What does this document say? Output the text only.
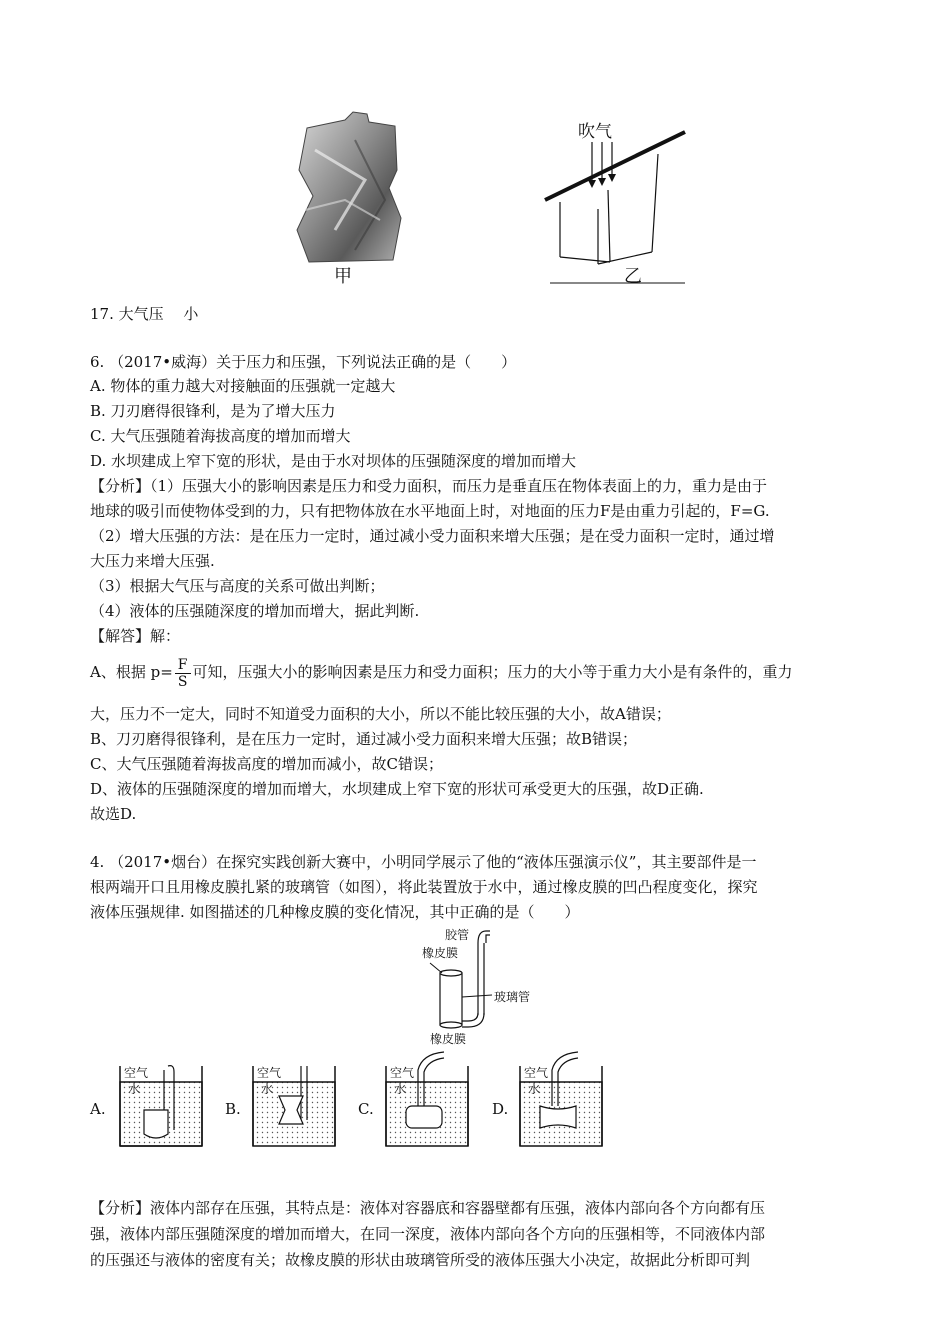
甲
吹气
乙
17. 大气压　 小
6. （2017•威海）关于压力和压强，下列说法正确的是（　　）
A. 物体的重力越大对接触面的压强就一定越大
B. 刀刃磨得很锋利，是为了增大压力
C. 大气压强随着海拔高度的增加而增大
D. 水坝建成上窄下宽的形状，是由于水对坝体的压强随深度的增加而增大
【分析】（1）压强大小的影响因素是压力和受力面积，而压力是垂直压在物体表面上的力，重力是由于
地球的吸引而使物体受到的力，只有把物体放在水平地面上时，对地面的压力F是由重力引起的，F=G.
（2）增大压强的方法：是在压力一定时，通过减小受力面积来增大压强；是在受力面积一定时，通过增
大压力来增大压强.
（3）根据大气压与高度的关系可做出判断；
（4）液体的压强随深度的增加而增大，据此判断.
【解答】解：
A、根据 $p= \frac{F}{S}$ 可知，压强大小的影响因素是压力和受力面积；压力的大小等于重力大小是有条件的，重力
大，压力不一定大，同时不知道受力面积的大小，所以不能比较压强的大小，故A错误；
B、刀刃磨得很锋利，是在压力一定时，通过减小受力面积来增大压强；故B错误；
C、大气压强随着海拔高度的增加而减小，故C错误；
D、液体的压强随深度的增加而增大，水坝建成上窄下宽的形状可承受更大的压强，故D正确.
故选D.
4. （2017•烟台）在探究实践创新大赛中，小明同学展示了他的“液体压强演示仪”，其主要部件是一
根两端开口且用橡皮膜扎紧的玻璃管（如图），将此装置放于水中，通过橡皮膜的凹凸程度变化，探究
液体压强规律. 如图描述的几种橡皮膜的变化情况，其中正确的是（　　）
胶管
橡皮膜
玻璃管
橡皮膜
空气
水
空气
水
空气
水
空气
水
A.	B.	C.	D.
【分析】液体内部存在压强，其特点是：液体对容器底和容器壁都有压强，液体内部向各个方向都有压
强，液体内部压强随深度的增加而增大，在同一深度，液体内部向各个方向的压强相等，不同液体内部
的压强还与液体的密度有关；故橡皮膜的形状由玻璃管所受的液体压强大小决定，故据此分析即可判
